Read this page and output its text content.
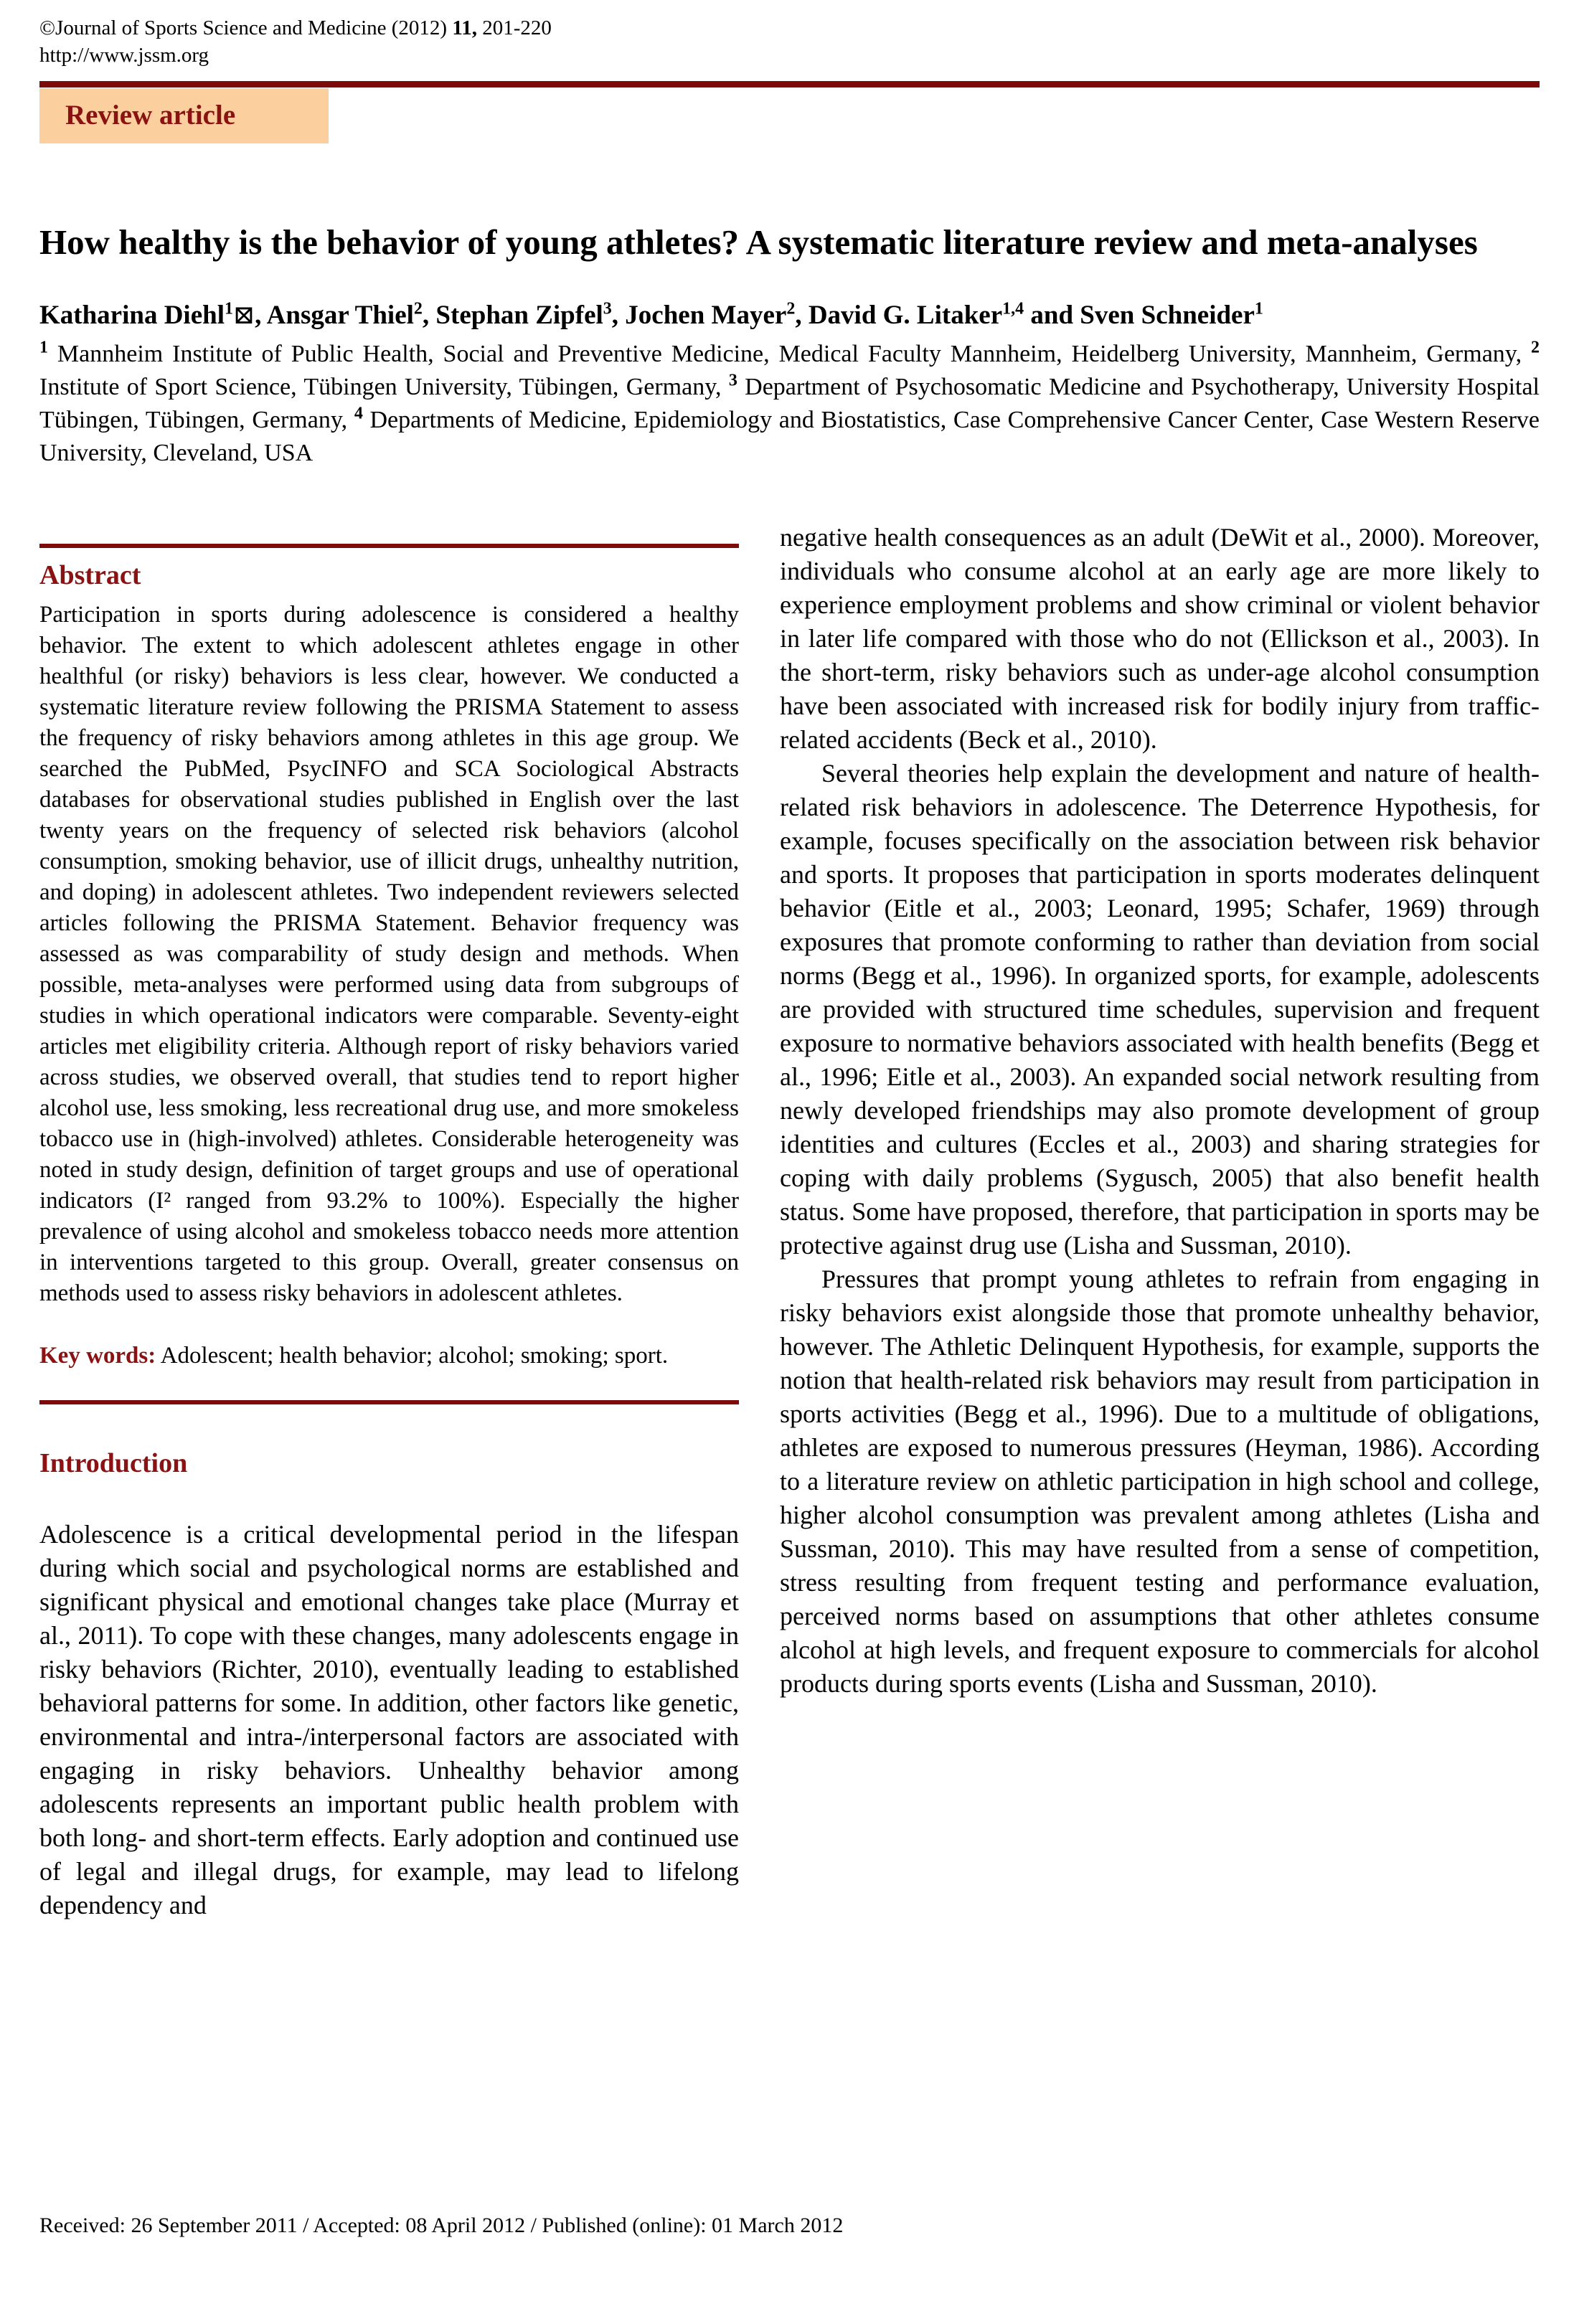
©Journal of Sports Science and Medicine (2012) 11, 201-220
http://www.jssm.org
Review article
How healthy is the behavior of young athletes? A systematic literature review and meta-analyses

Katharina Diehl$^1$⊠, Ansgar Thiel$^2$, Stephan Zipfel$^3$, Jochen Mayer$^2$, David G. Litaker$^{1,4}$ and Sven Schneider$^1$

$^1$ Mannheim Institute of Public Health, Social and Preventive Medicine, Medical Faculty Mannheim, Heidelberg University, Mannheim, Germany, $^2$ Institute of Sport Science, Tübingen University, Tübingen, Germany, $^3$ Department of Psychosomatic Medicine and Psychotherapy, University Hospital Tübingen, Tübingen, Germany, $^4$ Departments of Medicine, Epidemiology and Biostatistics, Case Comprehensive Cancer Center, Case Western Reserve University, Cleveland, USA

Abstract

Participation in sports during adolescence is considered a healthy behavior. The extent to which adolescent athletes engage in other healthful (or risky) behaviors is less clear, however. We conducted a systematic literature review following the PRISMA Statement to assess the frequency of risky behaviors among athletes in this age group. We searched the PubMed, PsycINFO and SCA Sociological Abstracts databases for observational studies published in English over the last twenty years on the frequency of selected risk behaviors (alcohol consumption, smoking behavior, use of illicit drugs, unhealthy nutrition, and doping) in adolescent athletes. Two independent reviewers selected articles following the PRISMA Statement. Behavior frequency was assessed as was comparability of study design and methods. When possible, meta-analyses were performed using data from subgroups of studies in which operational indicators were comparable. Seventy-eight articles met eligibility criteria. Although report of risky behaviors varied across studies, we observed overall, that studies tend to report higher alcohol use, less smoking, less recreational drug use, and more smokeless tobacco use in (high-involved) athletes. Considerable heterogeneity was noted in study design, definition of target groups and use of operational indicators (I² ranged from 93.2% to 100%). Especially the higher prevalence of using alcohol and smokeless tobacco needs more attention in interventions targeted to this group. Overall, greater consensus on methods used to assess risky behaviors in adolescent athletes.

Key words: Adolescent; health behavior; alcohol; smoking; sport.

Introduction

Adolescence is a critical developmental period in the lifespan during which social and psychological norms are established and significant physical and emotional changes take place (Murray et al., 2011). To cope with these changes, many adolescents engage in risky behaviors (Richter, 2010), eventually leading to established behavioral patterns for some. In addition, other factors like genetic, environmental and intra-/interpersonal factors are associated with engaging in risky behaviors. Unhealthy behavior among adolescents represents an important public health problem with both long- and short-term effects. Early adoption and continued use of legal and illegal drugs, for example, may lead to lifelong dependency and

negative health consequences as an adult (DeWit et al., 2000). Moreover, individuals who consume alcohol at an early age are more likely to experience employment problems and show criminal or violent behavior in later life compared with those who do not (Ellickson et al., 2003). In the short-term, risky behaviors such as under-age alcohol consumption have been associated with increased risk for bodily injury from traffic-related accidents (Beck et al., 2010).

Several theories help explain the development and nature of health-related risk behaviors in adolescence. The Deterrence Hypothesis, for example, focuses specifically on the association between risk behavior and sports. It proposes that participation in sports moderates delinquent behavior (Eitle et al., 2003; Leonard, 1995; Schafer, 1969) through exposures that promote conforming to rather than deviation from social norms (Begg et al., 1996). In organized sports, for example, adolescents are provided with structured time schedules, supervision and frequent exposure to normative behaviors associated with health benefits (Begg et al., 1996; Eitle et al., 2003). An expanded social network resulting from newly developed friendships may also promote development of group identities and cultures (Eccles et al., 2003) and sharing strategies for coping with daily problems (Sygusch, 2005) that also benefit health status. Some have proposed, therefore, that participation in sports may be protective against drug use (Lisha and Sussman, 2010).

Pressures that prompt young athletes to refrain from engaging in risky behaviors exist alongside those that promote unhealthy behavior, however. The Athletic Delinquent Hypothesis, for example, supports the notion that health-related risk behaviors may result from participation in sports activities (Begg et al., 1996). Due to a multitude of obligations, athletes are exposed to numerous pressures (Heyman, 1986). According to a literature review on athletic participation in high school and college, higher alcohol consumption was prevalent among athletes (Lisha and Sussman, 2010). This may have resulted from a sense of competition, stress resulting from frequent testing and performance evaluation, perceived norms based on assumptions that other athletes consume alcohol at high levels, and frequent exposure to commercials for alcohol products during sports events (Lisha and Sussman, 2010).

Received: 26 September 2011 / Accepted: 08 April 2012 / Published (online): 01 March 2012
